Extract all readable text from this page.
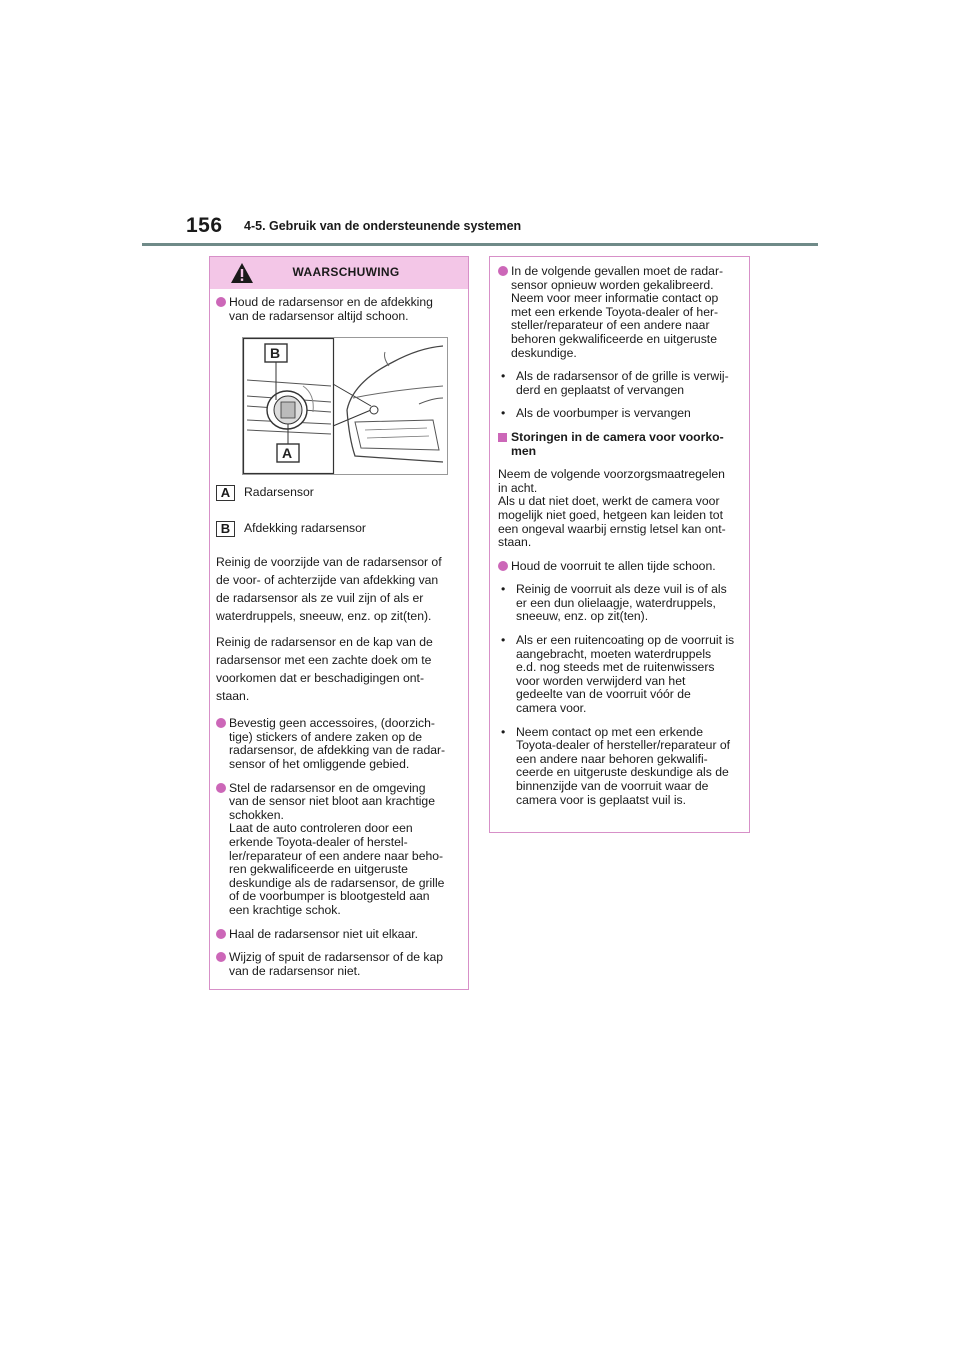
156 4-5. Gebruik van de ondersteunende systemen
WAARSCHUWING
Houd de radarsensor en de afdekking
van de radarsensor altijd schoon.
B
A
A	Radarsensor
B	Afdekking radarsensor
Reinig de voorzijde van de radarsensor of
de voor- of achterzijde van afdekking van
de radarsensor als ze vuil zijn of als er
waterdruppels, sneeuw, enz. op zit(ten).
Reinig de radarsensor en de kap van de
radarsensor met een zachte doek om te
voorkomen dat er beschadigingen ont-
staan.
Bevestig geen accessoires, (doorzich-
tige) stickers of andere zaken op de
radarsensor, de afdekking van de radar-
sensor of het omliggende gebied.
Stel de radarsensor en de omgeving
van de sensor niet bloot aan krachtige
schokken.
Laat de auto controleren door een
erkende Toyota-dealer of herstel-
ler/reparateur of een andere naar beho-
ren gekwalificeerde en uitgeruste
deskundige als de radarsensor, de grille
of de voorbumper is blootgesteld aan
een krachtige schok.
Haal de radarsensor niet uit elkaar.
Wijzig of spuit de radarsensor of de kap
van de radarsensor niet.
In de volgende gevallen moet de radar-
sensor opnieuw worden gekalibreerd.
Neem voor meer informatie contact op
met een erkende Toyota-dealer of her-
steller/reparateur of een andere naar
behoren gekwalificeerde en uitgeruste
deskundige.
• Als de radarsensor of de grille is verwij-
derd en geplaatst of vervangen
• Als de voorbumper is vervangen
Storingen in de camera voor voorko-
men
Neem de volgende voorzorgsmaatregelen
in acht.
Als u dat niet doet, werkt de camera voor
mogelijk niet goed, hetgeen kan leiden tot
een ongeval waarbij ernstig letsel kan ont-
staan.
Houd de voorruit te allen tijde schoon.
• Reinig de voorruit als deze vuil is of als
er een dun olielaagje, waterdruppels,
sneeuw, enz. op zit(ten).
• Als er een ruitencoating op de voorruit is
aangebracht, moeten waterdruppels
e.d. nog steeds met de ruitenwissers
voor worden verwijderd van het
gedeelte van de voorruit vóór de
camera voor.
• Neem contact op met een erkende
Toyota-dealer of hersteller/reparateur of
een andere naar behoren gekwalifi-
ceerde en uitgeruste deskundige als de
binnenzijde van de voorruit waar de
camera voor is geplaatst vuil is.
